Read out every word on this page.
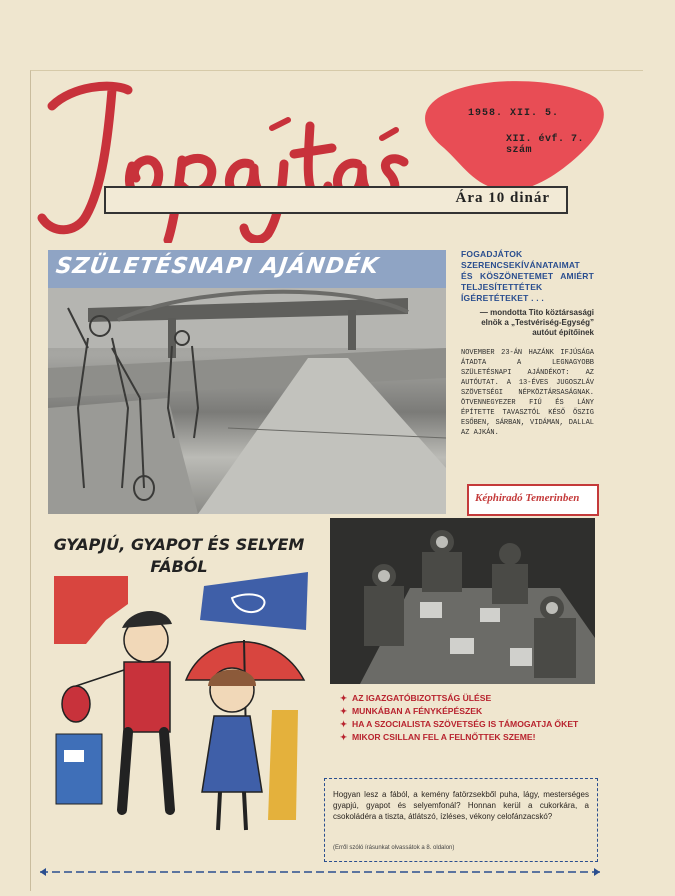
1958. XII. 5.
XII. évf. 7. szám
Ára 10 dinár
SZÜLETÉSNAPI AJÁNDÉK	FOGADJÁTOK SZERENCSEKÍVÁNATAIMAT ÉS KÖSZÖNETEMET AMIÉRT TELJESÍTETTÉTEK ÍGÉRETÉTEKET . . .
— mondotta Tito köztársasági elnök a „Testvériség-Egység” autóut építőinek
NOVEMBER 23-ÁN HAZÁNK IFJÚSÁGA ÁTADTA A LEGNAGYOBB SZÜLETÉSNAPI AJÁNDÉKOT: AZ AUTÓUTAT. A 13-ÉVES JUGOSZLÁV SZÖVETSÉGI NÉPKÖZTÁRSASÁGNAK. ÖTVENNEGYEZER FIÚ ÉS LÁNY ÉPÍTETTE TAVASZTÓL KÉSŐ ŐSZIG ESŐBEN, SÁRBAN, VIDÁMAN, DALLAL AZ AJKÁN.
Képhiradó Temerinben
GYAPJÚ, GYAPOT ÉS SELYEM FÁBÓL
✦ AZ IGAZGATÓBIZOTTSÁG ÜLÉSE
✦ MUNKÁBAN A FÉNYKÉPÉSZEK
✦ HA A SZOCIALISTA SZÖVETSÉG IS TÁMOGATJA ŐKET
✦ MIKOR CSILLAN FEL A FELNŐTTEK SZEME!
Hogyan lesz a fából, a kemény fatörzsekből puha, lágy, mesterséges gyapjú, gyapot és selyemfonál? Honnan kerül a cukorkára, a csokoládéra a tiszta, átlátszó, ízléses, vékony celofánzacskó?
(Erről szóló írásunkat olvassátok a 8. oldalon)
